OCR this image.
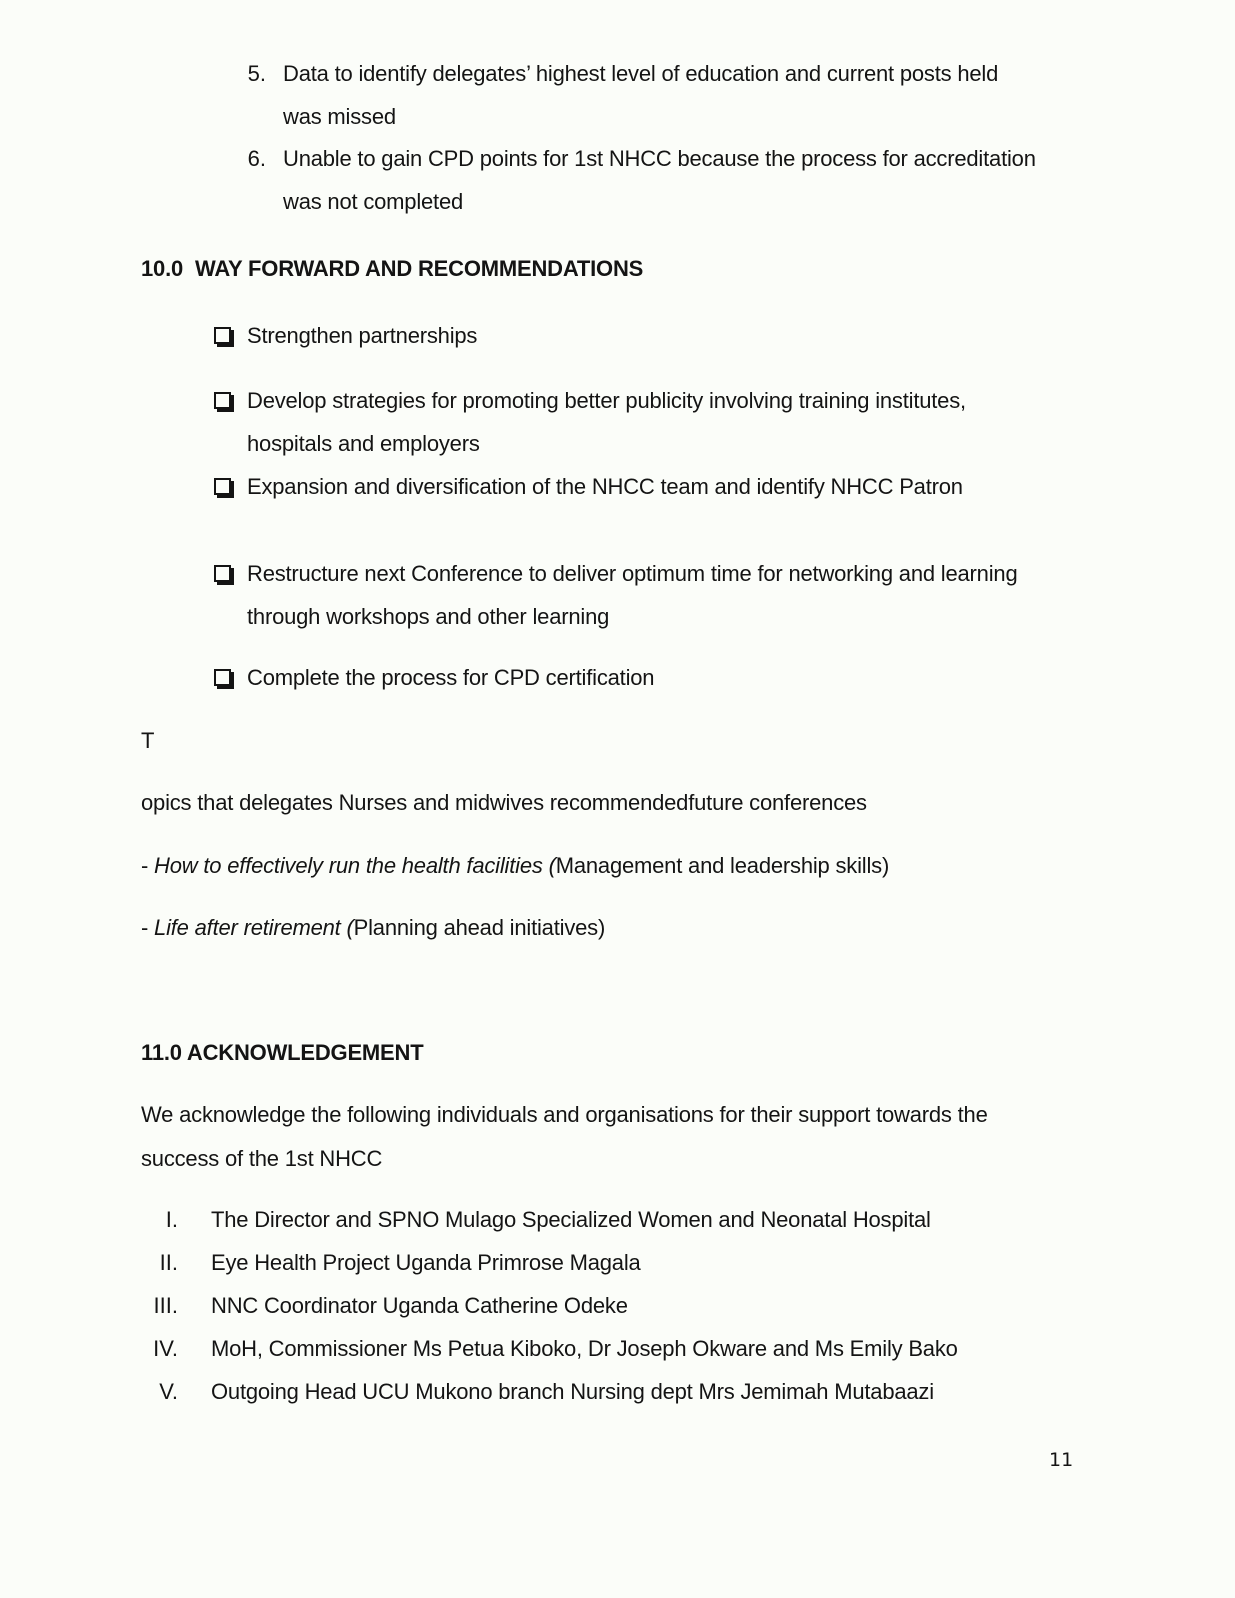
5. Data to identify delegates’ highest level of education and current posts held
was missed
6. Unable to gain CPD points for 1st NHCC because the process for accreditation
was not completed
10.0 WAY FORWARD AND RECOMMENDATIONS
Strengthen partnerships
Develop strategies for promoting better publicity involving training institutes,
hospitals and employers
Expansion and diversification of the NHCC team and identify NHCC Patron
Restructure next Conference to deliver optimum time for networking and learning
through workshops and other learning
Complete the process for CPD certification
T
opics that delegates Nurses and midwives recommendedfuture conferences
- How to effectively run the health facilities (Management and leadership skills)
- Life after retirement (Planning ahead initiatives)
11.0 ACKNOWLEDGEMENT
We acknowledge the following individuals and organisations for their support towards the
success of the 1st NHCC
I. The Director and SPNO Mulago Specialized Women and Neonatal Hospital
II. Eye Health Project Uganda Primrose Magala
III. NNC Coordinator Uganda Catherine Odeke
IV. MoH, Commissioner Ms Petua Kiboko, Dr Joseph Okware and Ms Emily Bako
V. Outgoing Head UCU Mukono branch Nursing dept Mrs Jemimah Mutabaazi
11
